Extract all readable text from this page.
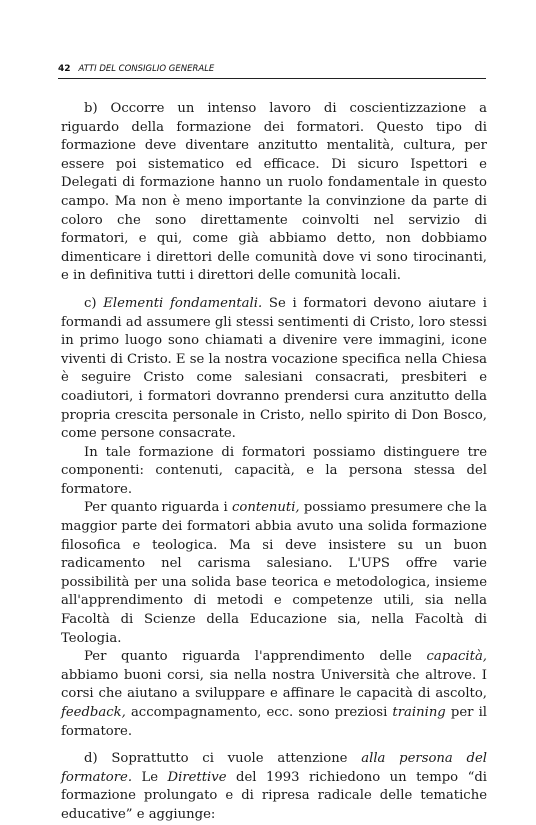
42 ATTI DEL CONSIGLIO GENERALE

b) Occorre un intenso lavoro di coscientizzazione a riguardo della formazione dei formatori. Questo tipo di formazione deve diventare anzitutto mentalità, cultura, per essere poi sistematico ed efficace. Di sicuro Ispettori e Delegati di formazione hanno un ruolo fondamentale in questo campo. Ma non è meno importante la convinzione da parte di coloro che sono direttamente coinvolti nel servizio di formatori, e qui, come già abbiamo detto, non dobbiamo dimenticare i direttori delle comunità dove vi sono tirocinanti, e in definitiva tutti i direttori delle comunità locali.

c) Elementi fondamentali. Se i formatori devono aiutare i formandi ad assumere gli stessi sentimenti di Cristo, loro stessi in primo luogo sono chiamati a divenire vere immagini, icone viventi di Cristo. E se la nostra vocazione specifica nella Chiesa è seguire Cristo come salesiani consacrati, presbiteri e coadiutori, i formatori dovranno prendersi cura anzitutto della propria crescita personale in Cristo, nello spirito di Don Bosco, come persone consacrate.

In tale formazione di formatori possiamo distinguere tre componenti: contenuti, capacità, e la persona stessa del formatore.

Per quanto riguarda i contenuti, possiamo presumere che la maggior parte dei formatori abbia avuto una solida formazione filosofica e teologica. Ma si deve insistere su un buon radicamento nel carisma salesiano. L'UPS offre varie possibilità per una solida base teorica e metodologica, insieme all'apprendimento di metodi e competenze utili, sia nella Facoltà di Scienze della Educazione sia, nella Facoltà di Teologia.

Per quanto riguarda l'apprendimento delle capacità, abbiamo buoni corsi, sia nella nostra Università che altrove. I corsi che aiutano a sviluppare e affinare le capacità di ascolto, feedback, accompagnamento, ecc. sono preziosi training per il formatore.

d) Soprattutto ci vuole attenzione alla persona del formatore. Le Direttive del 1993 richiedono un tempo “di formazione prolungato e di ripresa radicale delle tematiche educative” e aggiunge:
